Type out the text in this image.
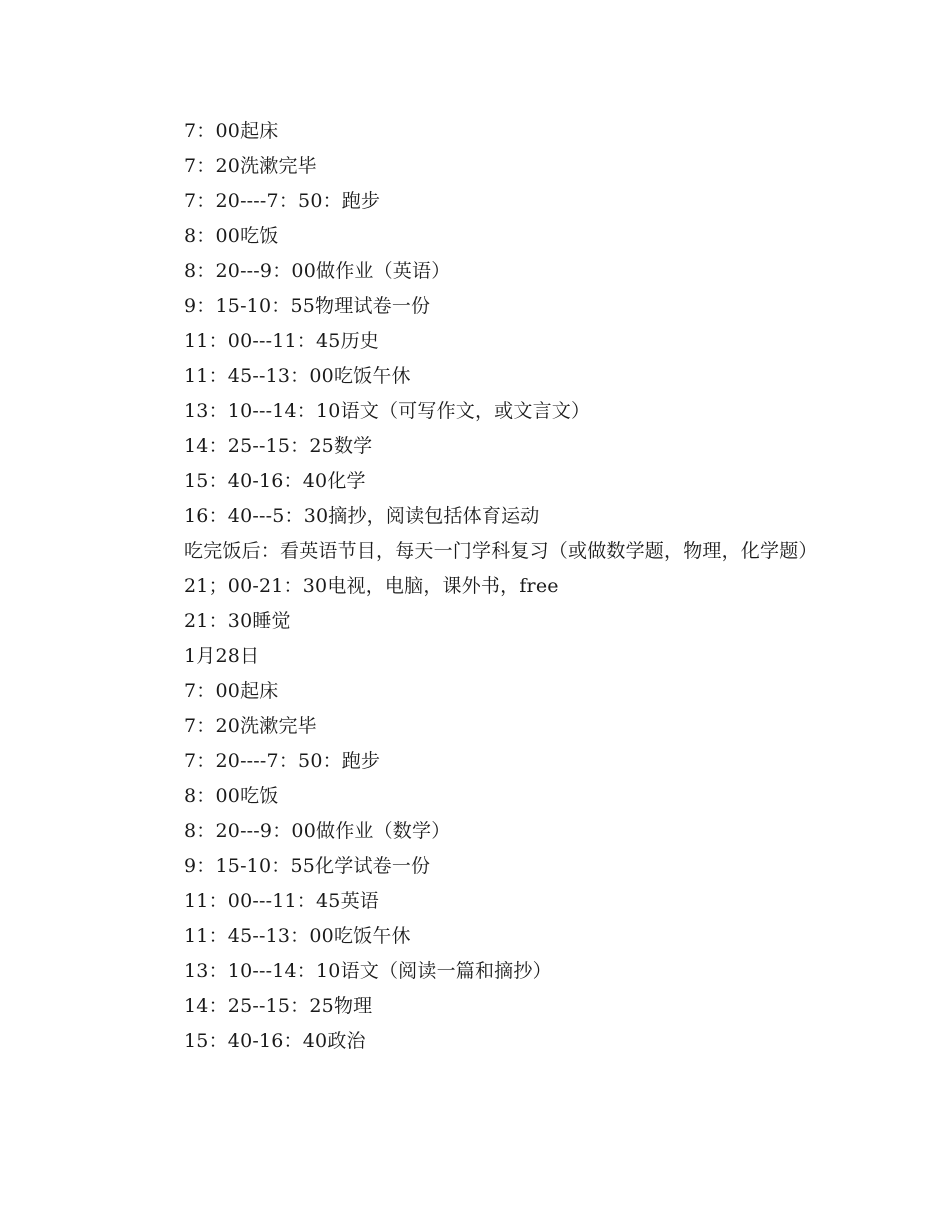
7：00起床
7：20洗漱完毕
7：20----7：50：跑步
8：00吃饭
8：20---9：00做作业（英语）
9：15-10：55物理试卷一份
11：00---11：45历史
11：45--13：00吃饭午休
13：10---14：10语文（可写作文，或文言文）
14：25--15：25数学
15：40-16：40化学
16：40---5：30摘抄，阅读包括体育运动
吃完饭后：看英语节目，每天一门学科复习（或做数学题，物理，化学题）
21；00-21：30电视，电脑，课外书，free
21：30睡觉
1月28日
7：00起床
7：20洗漱完毕
7：20----7：50：跑步
8：00吃饭
8：20---9：00做作业（数学）
9：15-10：55化学试卷一份
11：00---11：45英语
11：45--13：00吃饭午休
13：10---14：10语文（阅读一篇和摘抄）
14：25--15：25物理
15：40-16：40政治
